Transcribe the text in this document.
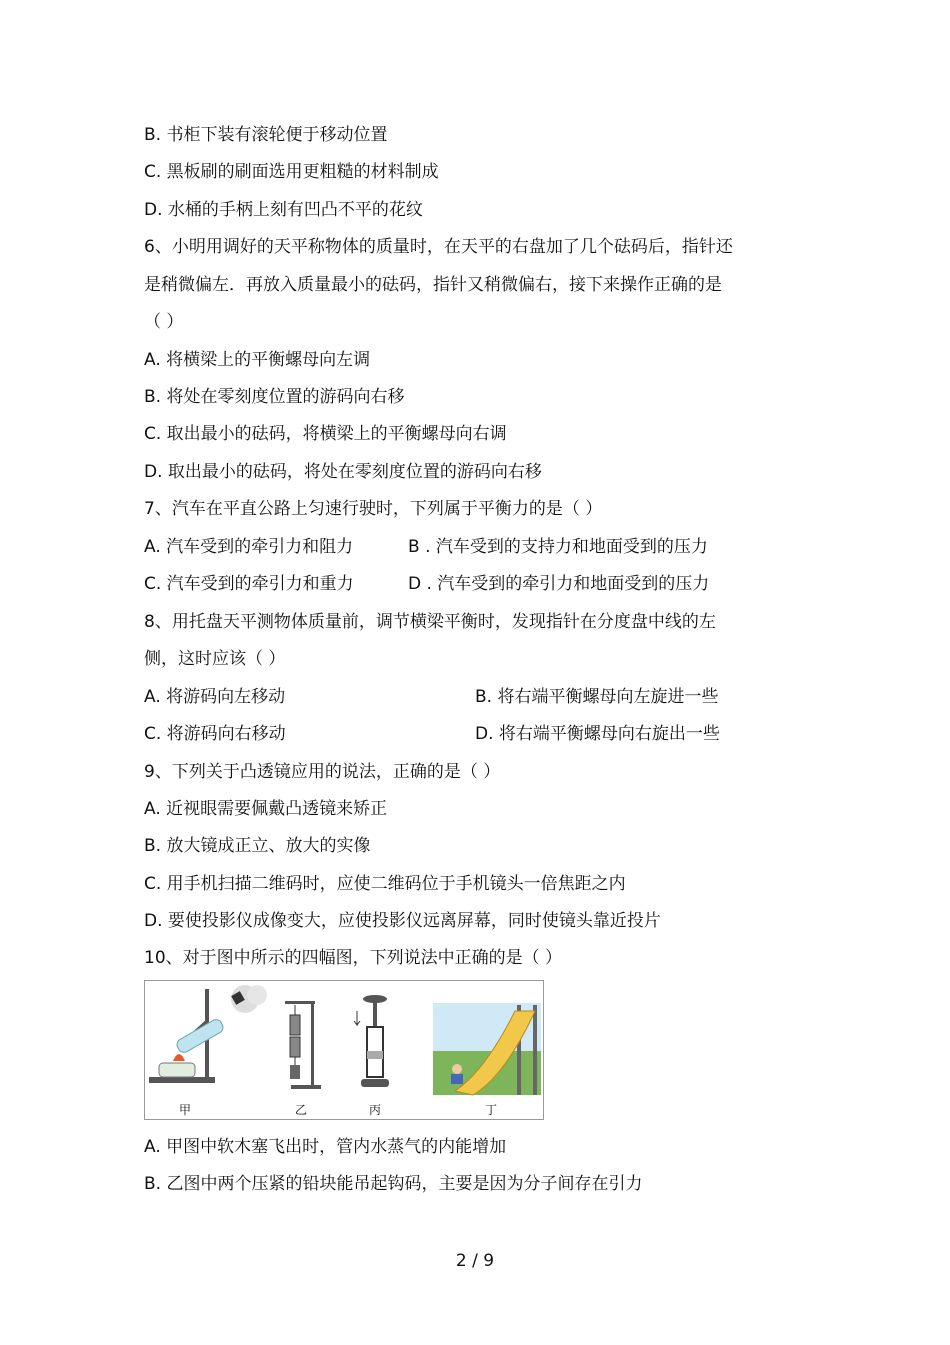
B. 书柜下装有滚轮便于移动位置
C. 黑板刷的刷面选用更粗糙的材料制成
D. 水桶的手柄上刻有凹凸不平的花纹
6、小明用调好的天平称物体的质量时，在天平的右盘加了几个砝码后，指针还
是稍微偏左．再放入质量最小的砝码，指针又稍微偏右，接下来操作正确的是
（ ）
A. 将横梁上的平衡螺母向左调
B. 将处在零刻度位置的游码向右移
C. 取出最小的砝码，将横梁上的平衡螺母向右调
D. 取出最小的砝码，将处在零刻度位置的游码向右移
7、汽车在平直公路上匀速行驶时，下列属于平衡力的是（ ）
A. 汽车受到的牵引力和阻力	B . 汽车受到的支持力和地面受到的压力
C. 汽车受到的牵引力和重力	D . 汽车受到的牵引力和地面受到的压力
8、用托盘天平测物体质量前，调节横梁平衡时，发现指针在分度盘中线的左
侧，这时应该（ ）
A. 将游码向左移动	B. 将右端平衡螺母向左旋进一些
C. 将游码向右移动	D. 将右端平衡螺母向右旋出一些
9、下列关于凸透镜应用的说法，正确的是（ ）
A. 近视眼需要佩戴凸透镜来矫正
B. 放大镜成正立、放大的实像
C. 用手机扫描二维码时，应使二维码位于手机镜头一倍焦距之内
D. 要使投影仪成像变大，应使投影仪远离屏幕，同时使镜头靠近投片
10、对于图中所示的四幅图，下列说法中正确的是（ ）
甲	乙	丙	丁
A. 甲图中软木塞飞出时，管内水蒸气的内能增加
B. 乙图中两个压紧的铅块能吊起钩码，主要是因为分子间存在引力
2 / 9
